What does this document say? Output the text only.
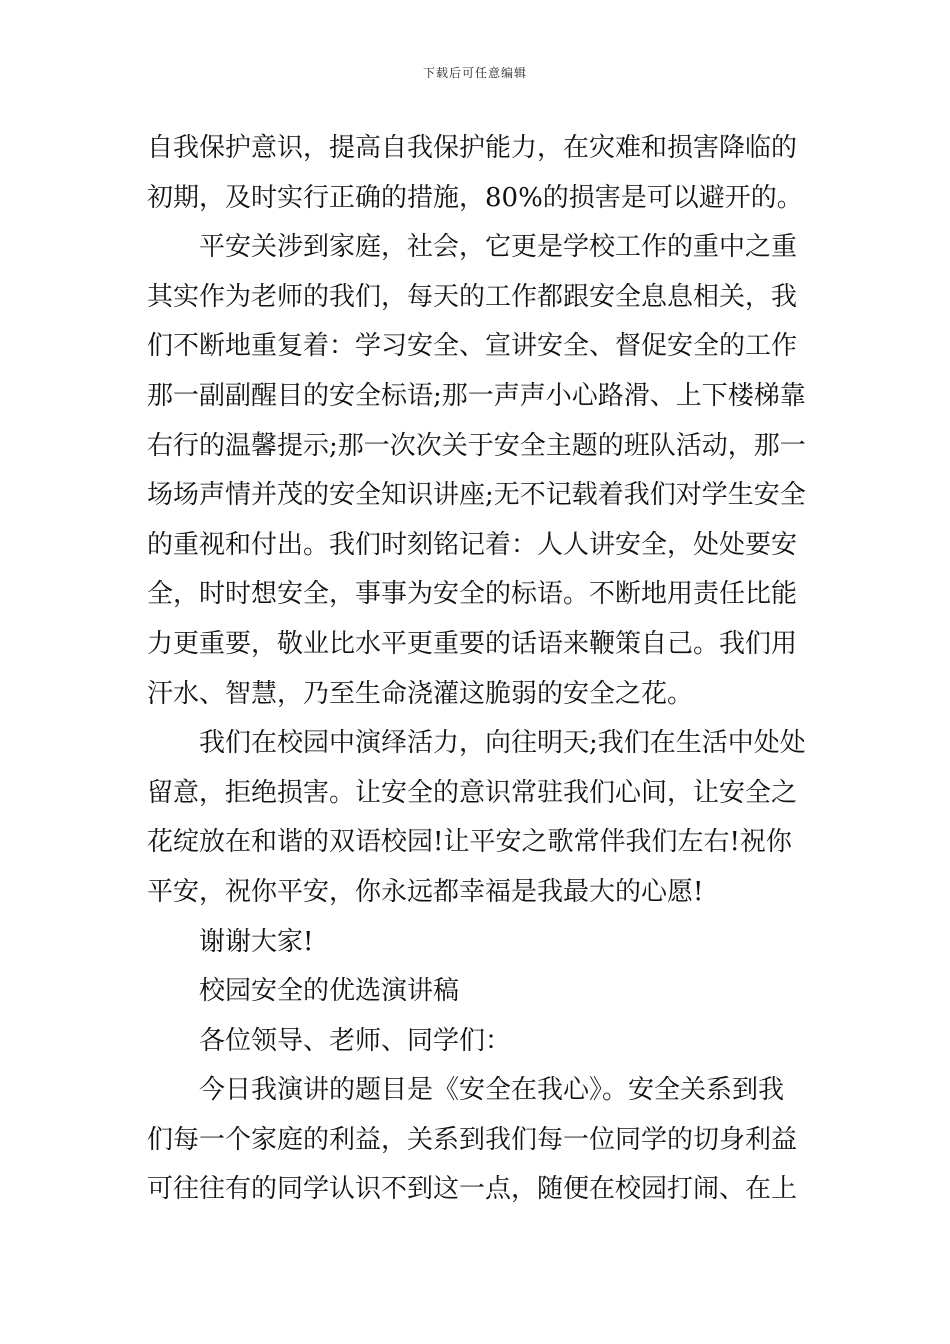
下载后可任意编辑
自我保护意识，提高自我保护能力，在灾难和损害降临的
初期，及时实行正确的措施，80%的损害是可以避开的。
平安关涉到家庭，社会，它更是学校工作的重中之重
其实作为老师的我们，每天的工作都跟安全息息相关，我
们不断地重复着：学习安全、宣讲安全、督促安全的工作
那一副副醒目的安全标语;那一声声小心路滑、上下楼梯靠
右行的温馨提示;那一次次关于安全主题的班队活动，那一
场场声情并茂的安全知识讲座;无不记载着我们对学生安全
的重视和付出。我们时刻铭记着：人人讲安全，处处要安
全，时时想安全，事事为安全的标语。不断地用责任比能
力更重要，敬业比水平更重要的话语来鞭策自己。我们用
汗水、智慧，乃至生命浇灌这脆弱的安全之花。
我们在校园中演绎活力，向往明天;我们在生活中处处
留意，拒绝损害。让安全的意识常驻我们心间，让安全之
花绽放在和谐的双语校园!让平安之歌常伴我们左右!祝你
平安，祝你平安，你永远都幸福是我最大的心愿!
谢谢大家!
校园安全的优选演讲稿
各位领导、老师、同学们：
今日我演讲的题目是《安全在我心》。安全关系到我
们每一个家庭的利益，关系到我们每一位同学的切身利益
可往往有的同学认识不到这一点，随便在校园打闹、在上
